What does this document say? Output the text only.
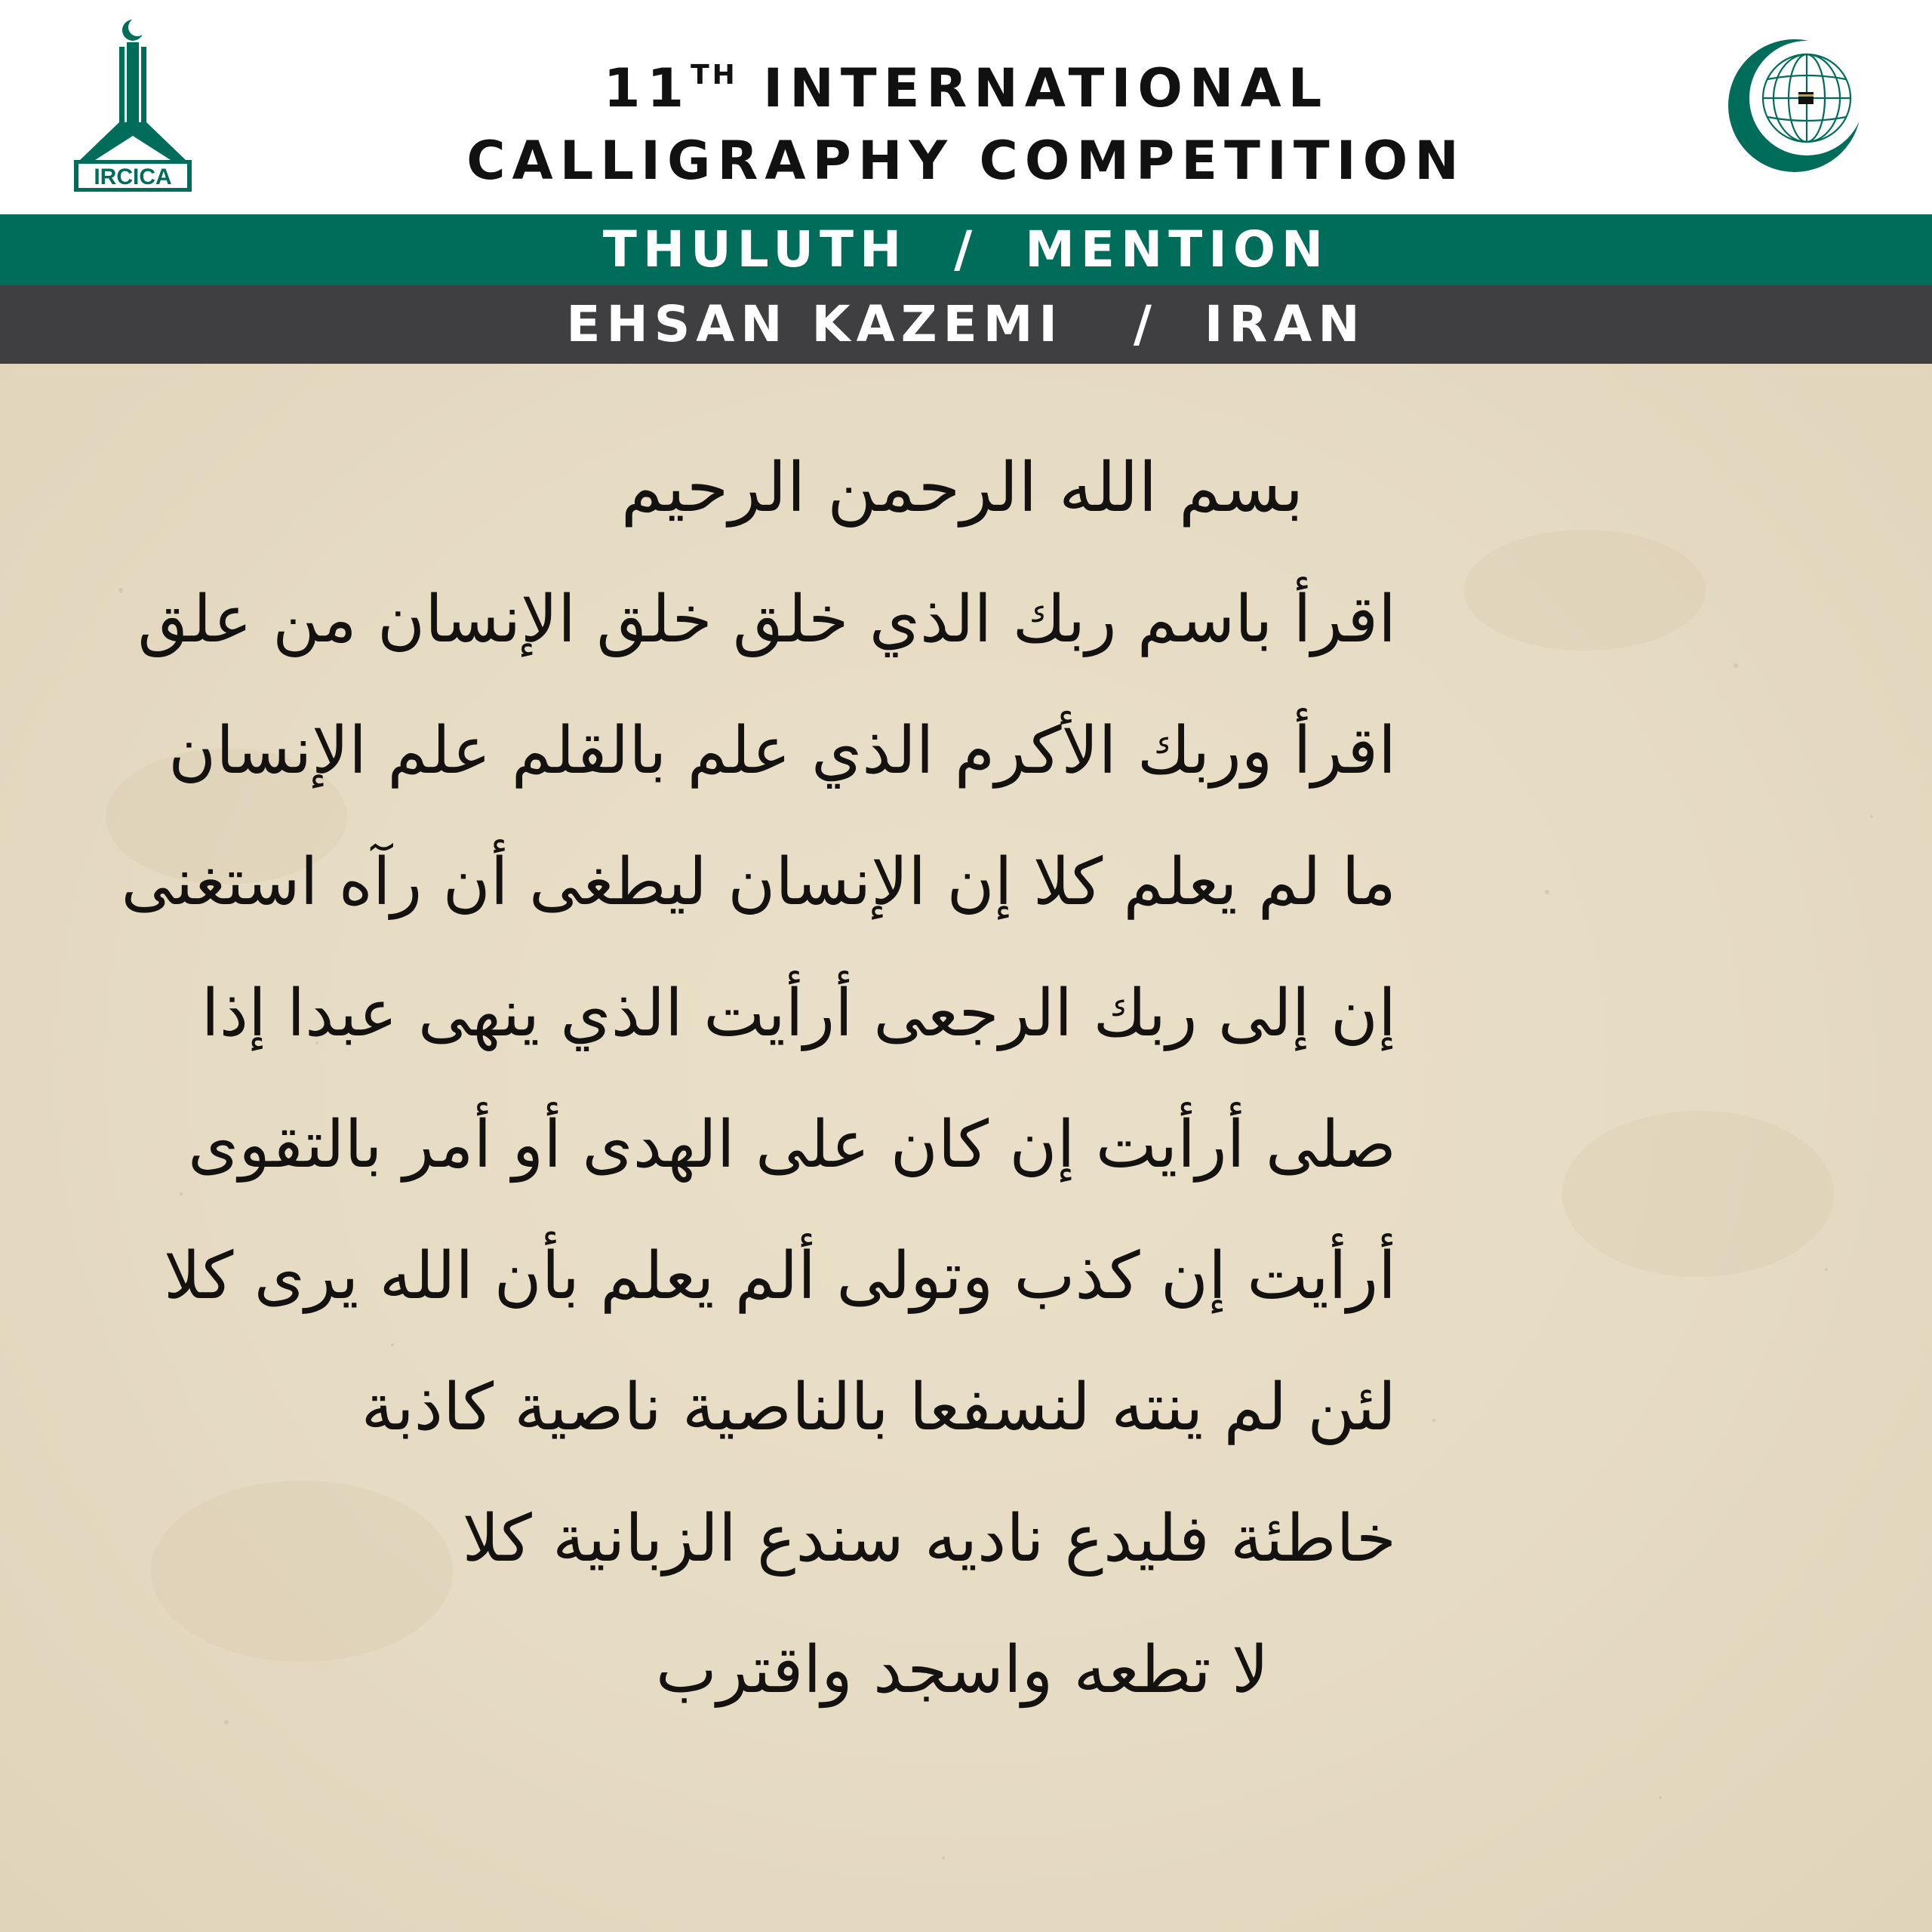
IRCICA
11TH INTERNATIONAL
CALLIGRAPHY COMPETITION
THULUTH  /  MENTION
EHSAN KAZEMI   /  IRAN
بسم الله الرحمن الرحيم
اقرأ باسم ربك الذي خلق خلق الإنسان من علق
اقرأ وربك الأكرم الذي علم بالقلم علم الإنسان
ما لم يعلم كلا إن الإنسان ليطغى أن رآه استغنى
إن إلى ربك الرجعى أرأيت الذي ينهى عبدا إذا
صلى أرأيت إن كان على الهدى أو أمر بالتقوى
أرأيت إن كذب وتولى ألم يعلم بأن الله يرى كلا
لئن لم ينته لنسفعا بالناصية ناصية كاذبة
خاطئة فليدع ناديه سندع الزبانية كلا
لا تطعه واسجد واقترب
